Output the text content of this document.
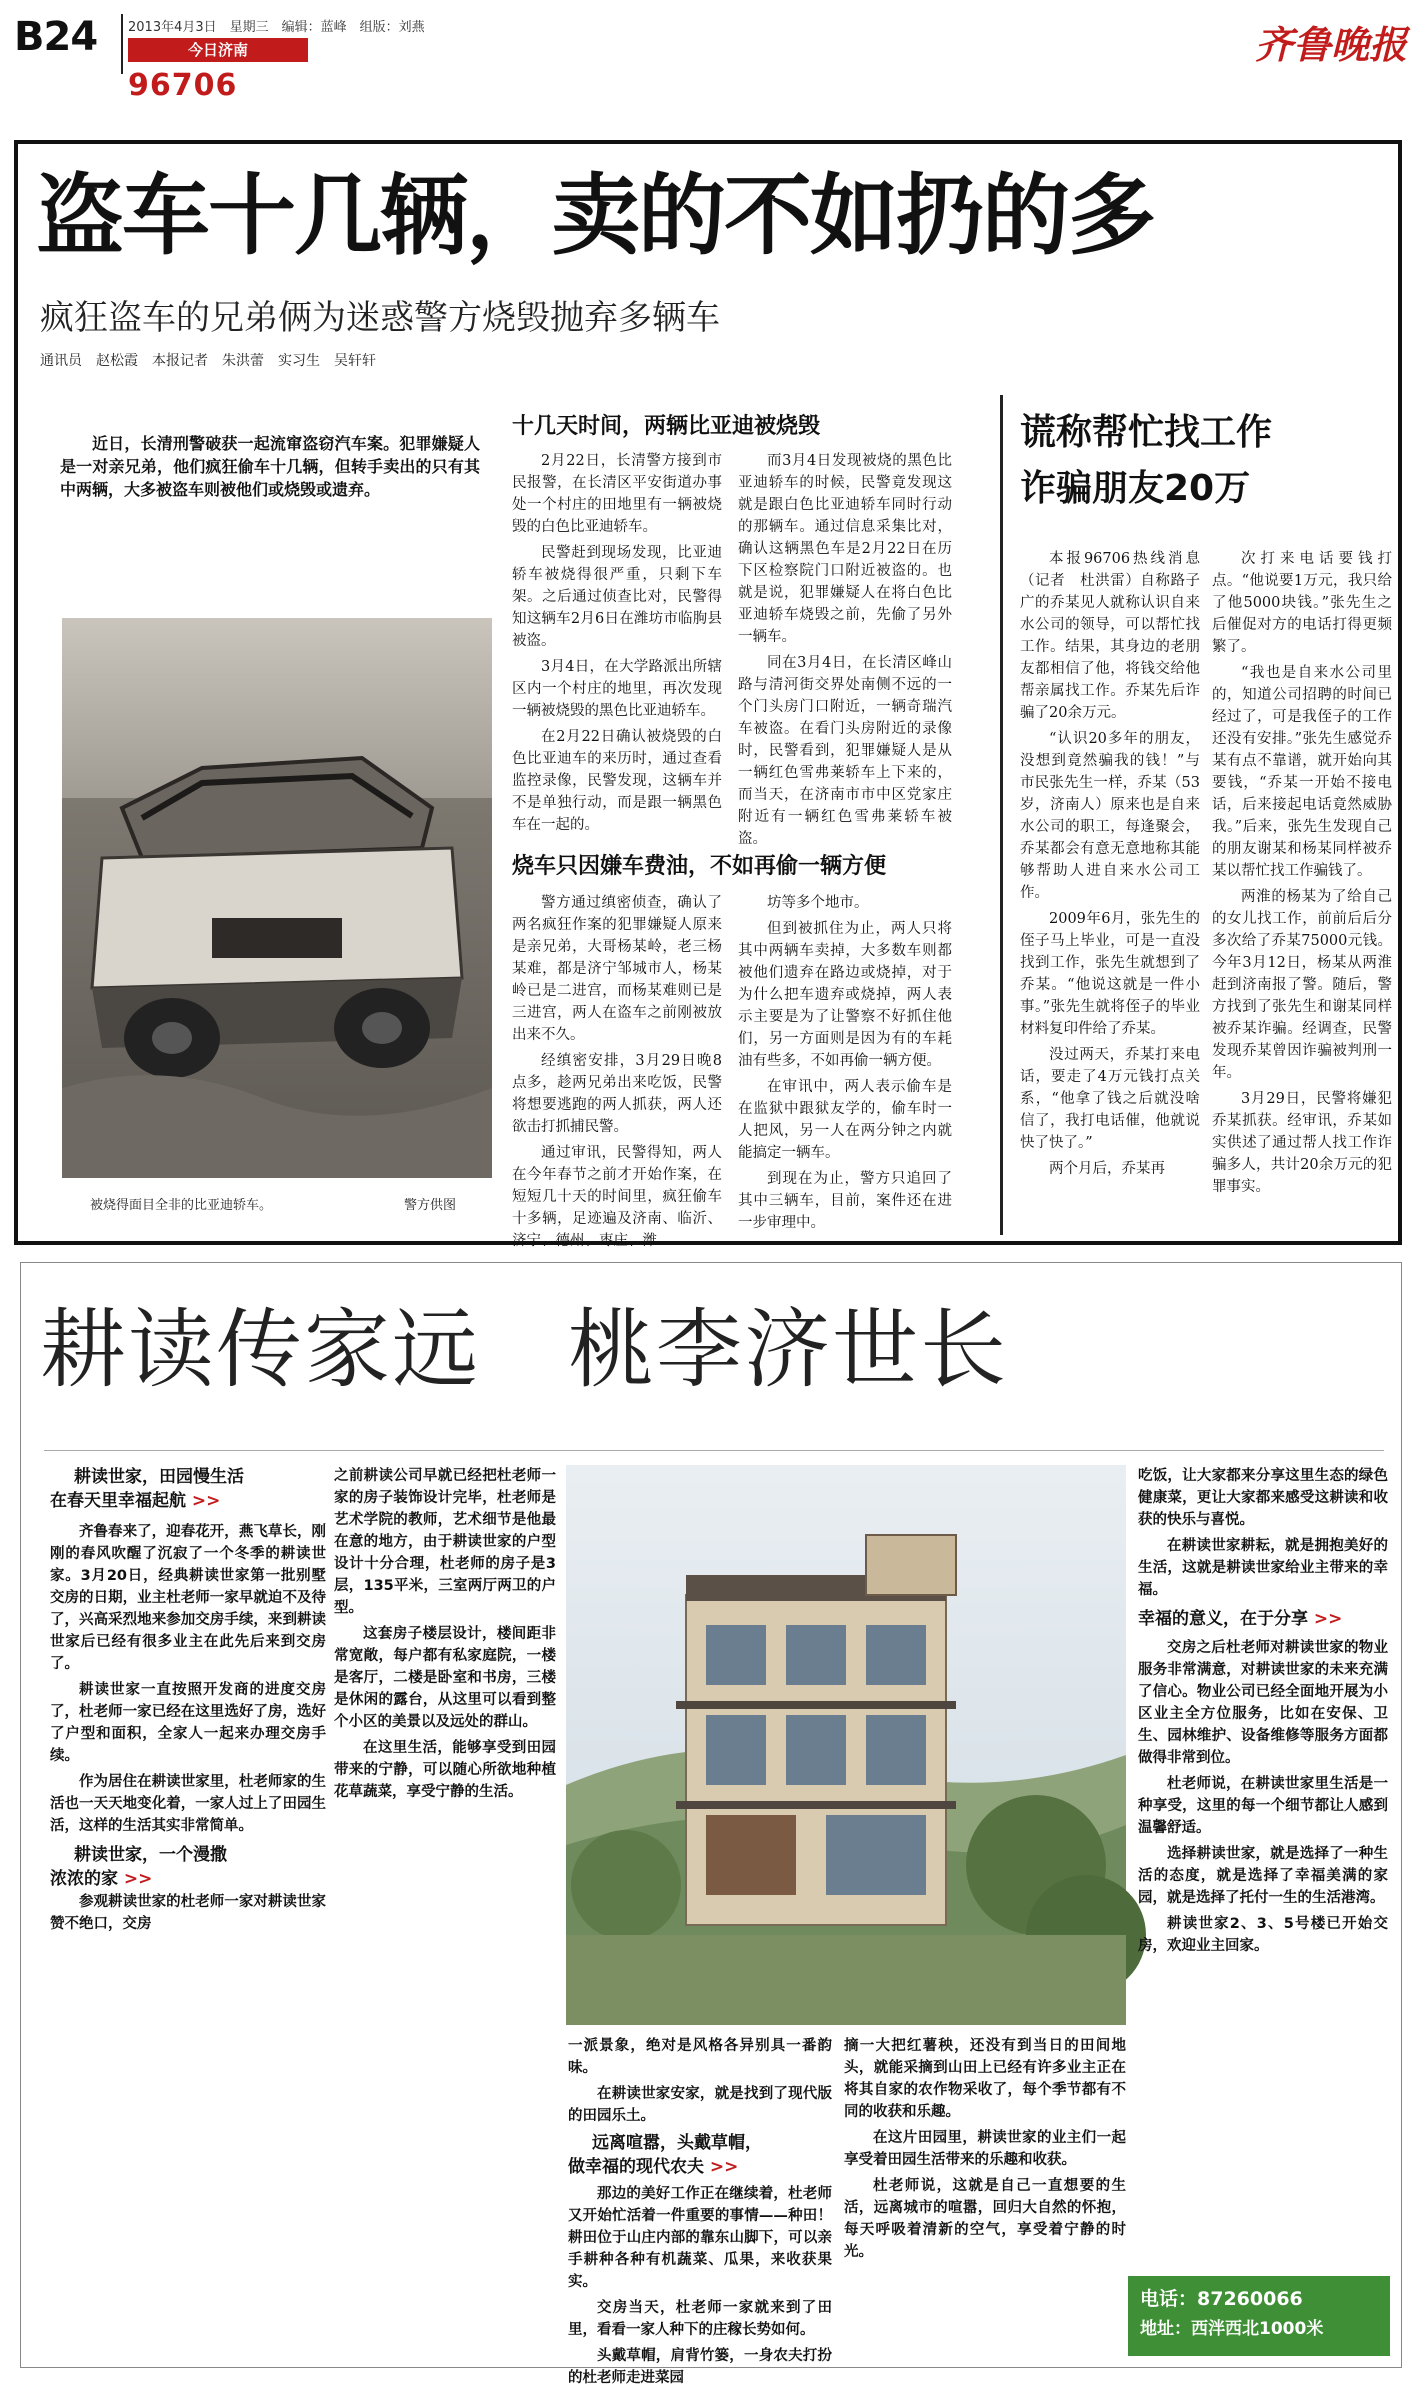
B24 2013年4月3日　星期三　编辑：蓝峰　组版：刘燕
今日济南
96706
齐鲁晚报
盗车十几辆，卖的不如扔的多
疯狂盗车的兄弟俩为迷惑警方烧毁抛弃多辆车
通讯员　赵松霞　本报记者　朱洪蕾　实习生　吴轩轩

近日，长清刑警破获一起流窜盗窃汽车案。犯罪嫌疑人是一对亲兄弟，他们疯狂偷车十几辆，但转手卖出的只有其中两辆，大多被盗车则被他们或烧毁或遗弃。

被烧得面目全非的比亚迪轿车。	警方供图
十几天时间，两辆比亚迪被烧毁

2月22日，长清警方接到市民报警，在长清区平安街道办事处一个村庄的田地里有一辆被烧毁的白色比亚迪轿车。

民警赶到现场发现，比亚迪轿车被烧得很严重，只剩下车架。之后通过侦查比对，民警得知这辆车2月6日在潍坊市临朐县被盗。

3月4日，在大学路派出所辖区内一个村庄的地里，再次发现一辆被烧毁的黑色比亚迪轿车。

在2月22日确认被烧毁的白色比亚迪车的来历时，通过查看监控录像，民警发现，这辆车并不是单独行动，而是跟一辆黑色车在一起的。

而3月4日发现被烧的黑色比亚迪轿车的时候，民警竟发现这就是跟白色比亚迪轿车同时行动的那辆车。通过信息采集比对，确认这辆黑色车是2月22日在历下区检察院门口附近被盗的。也就是说，犯罪嫌疑人在将白色比亚迪轿车烧毁之前，先偷了另外一辆车。

同在3月4日，在长清区峰山路与清河街交界处南侧不远的一个门头房门口附近，一辆奇瑞汽车被盗。在看门头房附近的录像时，民警看到，犯罪嫌疑人是从一辆红色雪弗莱轿车上下来的，而当天，在济南市市中区党家庄附近有一辆红色雪弗莱轿车被盗。

烧车只因嫌车费油，不如再偷一辆方便

警方通过缜密侦查，确认了两名疯狂作案的犯罪嫌疑人原来是亲兄弟，大哥杨某岭，老三杨某难，都是济宁邹城市人，杨某岭已是二进宫，而杨某难则已是三进宫，两人在盗车之前刚被放出来不久。

经缜密安排，3月29日晚8点多，趁两兄弟出来吃饭，民警将想要逃跑的两人抓获，两人还欲击打抓捕民警。

通过审讯，民警得知，两人在今年春节之前才开始作案，在短短几十天的时间里，疯狂偷车十多辆，足迹遍及济南、临沂、济宁、德州、枣庄、潍

坊等多个地市。

但到被抓住为止，两人只将其中两辆车卖掉，大多数车则都被他们遗弃在路边或烧掉，对于为什么把车遗弃或烧掉，两人表示主要是为了让警察不好抓住他们，另一方面则是因为有的车耗油有些多，不如再偷一辆方便。

在审讯中，两人表示偷车是在监狱中跟狱友学的，偷车时一人把风，另一人在两分钟之内就能搞定一辆车。

到现在为止，警方只追回了其中三辆车，目前，案件还在进一步审理中。

谎称帮忙找工作
诈骗朋友20万

本报96706热线消息（记者　杜洪雷）自称路子广的乔某见人就称认识自来水公司的领导，可以帮忙找工作。结果，其身边的老朋友都相信了他，将钱交给他帮亲属找工作。乔某先后诈骗了20余万元。

“认识20多年的朋友，没想到竟然骗我的钱！”与市民张先生一样，乔某（53岁，济南人）原来也是自来水公司的职工，每逢聚会，乔某都会有意无意地称其能够帮助人进自来水公司工作。

2009年6月，张先生的侄子马上毕业，可是一直没找到工作，张先生就想到了乔某。“他说这就是一件小事。”张先生就将侄子的毕业材料复印件给了乔某。

没过两天，乔某打来电话，要走了4万元钱打点关系，“他拿了钱之后就没啥信了，我打电话催，他就说快了快了。”

两个月后，乔某再

次打来电话要钱打点。“他说要1万元，我只给了他5000块钱。”张先生之后催促对方的电话打得更频繁了。

“我也是自来水公司里的，知道公司招聘的时间已经过了，可是我侄子的工作还没有安排。”张先生感觉乔某有点不靠谱，就开始向其要钱，“乔某一开始不接电话，后来接起电话竟然威胁我。”后来，张先生发现自己的朋友谢某和杨某同样被乔某以帮忙找工作骗钱了。

两淮的杨某为了给自己的女儿找工作，前前后后分多次给了乔某75000元钱。今年3月12日，杨某从两淮赶到济南报了警。随后，警方找到了张先生和谢某同样被乔某诈骗。经调查，民警发现乔某曾因诈骗被判刑一年。

3月29日，民警将嫌犯乔某抓获。经审讯，乔某如实供述了通过帮人找工作诈骗多人，共计20余万元的犯罪事实。

耕读传家远　桃李济世长
耕读世家，田园慢生活
在春天里幸福起航 >>

齐鲁春来了，迎春花开，燕飞草长，刚刚的春风吹醒了沉寂了一个冬季的耕读世家。3月20日，经典耕读世家第一批别墅交房的日期，业主杜老师一家早就迫不及待了，兴高采烈地来参加交房手续，来到耕读世家后已经有很多业主在此先后来到交房了。

耕读世家一直按照开发商的进度交房了，杜老师一家已经在这里选好了房，选好了户型和面积，全家人一起来办理交房手续。

作为居住在耕读世家里，杜老师家的生活也一天天地变化着，一家人过上了田园生活，这样的生活其实非常简单。

耕读世家，一个漫撒
浓浓的家 >>

参观耕读世家的杜老师一家对耕读世家赞不绝口，交房

之前耕读公司早就已经把杜老师一家的房子装饰设计完毕，杜老师是艺术学院的教师，艺术细节是他最在意的地方，由于耕读世家的户型设计十分合理，杜老师的房子是3层，135平米，三室两厅两卫的户型。

这套房子楼层设计，楼间距非常宽敞，每户都有私家庭院，一楼是客厅，二楼是卧室和书房，三楼是休闲的露台，从这里可以看到整个小区的美景以及远处的群山。

在这里生活，能够享受到田园带来的宁静，可以随心所欲地种植花草蔬菜，享受宁静的生活。

一派景象，绝对是风格各异别具一番韵味。

在耕读世家安家，就是找到了现代版的田园乐土。

远离喧嚣，头戴草帽，
做幸福的现代农夫 >>

那边的美好工作正在继续着，杜老师又开始忙活着一件重要的事情——种田！耕田位于山庄内部的靠东山脚下，可以亲手耕种各种有机蔬菜、瓜果，来收获果实。

交房当天，杜老师一家就来到了田里，看看一家人种下的庄稼长势如何。

头戴草帽，肩背竹篓，一身农夫打扮的杜老师走进菜园

摘一大把红薯秧，还没有到当日的田间地头，就能采摘到山田上已经有许多业主正在将其自家的农作物采收了，每个季节都有不同的收获和乐趣。

在这片田园里，耕读世家的业主们一起享受着田园生活带来的乐趣和收获。

杜老师说，这就是自己一直想要的生活，远离城市的喧嚣，回归大自然的怀抱，每天呼吸着清新的空气，享受着宁静的时光。

吃饭，让大家都来分享这里生态的绿色健康菜，更让大家都来感受这耕读和收获的快乐与喜悦。

在耕读世家耕耘，就是拥抱美好的生活，这就是耕读世家给业主带来的幸福。

幸福的意义，在于分享 >>

交房之后杜老师对耕读世家的物业服务非常满意，对耕读世家的未来充满了信心。物业公司已经全面地开展为小区业主全方位服务，比如在安保、卫生、园林维护、设备维修等服务方面都做得非常到位。

杜老师说，在耕读世家里生活是一种享受，这里的每一个细节都让人感到温馨舒适。

选择耕读世家，就是选择了一种生活的态度，就是选择了幸福美满的家园，就是选择了托付一生的生活港湾。

耕读世家2、3、5号楼已开始交房，欢迎业主回家。

电话：87260066
地址：西泮西北1000米
